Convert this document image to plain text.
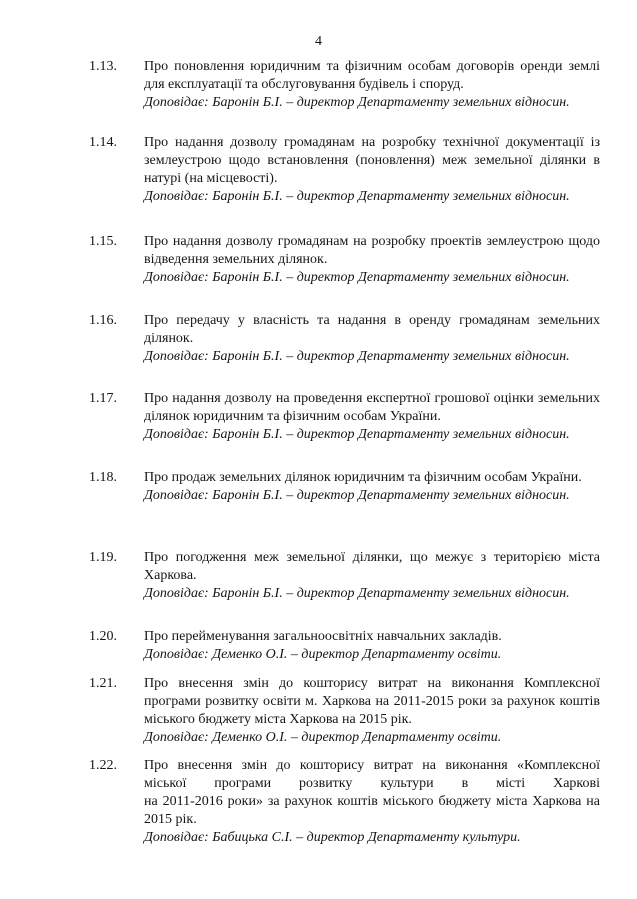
4
1.13. Про поновлення юридичним та фізичним особам договорів оренди землі для експлуатації та обслуговування будівель і споруд.
Доповідає: Баронін Б.І. – директор Департаменту земельних відносин.
1.14. Про надання дозволу громадянам на розробку технічної документації із землеустрою щодо встановлення (поновлення) меж земельної ділянки в натурі (на місцевості).
Доповідає: Баронін Б.І. – директор Департаменту земельних відносин.
1.15. Про надання дозволу громадянам на розробку проектів землеустрою щодо відведення земельних ділянок.
Доповідає: Баронін Б.І. – директор Департаменту земельних відносин.
1.16. Про передачу у власність та надання в оренду громадянам земельних ділянок.
Доповідає: Баронін Б.І. – директор Департаменту земельних відносин.
1.17. Про надання дозволу на проведення експертної грошової оцінки земельних ділянок юридичним та фізичним особам України.
Доповідає: Баронін Б.І. – директор Департаменту земельних відносин.
1.18. Про продаж земельних ділянок юридичним та фізичним особам України.
Доповідає: Баронін Б.І. – директор Департаменту земельних відносин.
1.19. Про погодження меж земельної ділянки, що межує з територією міста Харкова.
Доповідає: Баронін Б.І. – директор Департаменту земельних відносин.
1.20. Про перейменування загальноосвітніх навчальних закладів.
Доповідає: Деменко О.І. – директор Департаменту освіти.
1.21. Про внесення змін до кошторису витрат на виконання Комплексної програми розвитку освіти м. Харкова на 2011-2015 роки за рахунок коштів міського бюджету міста Харкова на 2015 рік.
Доповідає: Деменко О.І. – директор Департаменту освіти.
1.22. Про внесення змін до кошторису витрат на виконання «Комплексної
міської програми розвитку культури в місті Харкові
на 2011-2016 роки» за рахунок коштів міського бюджету міста Харкова на 2015 рік.
Доповідає: Бабицька С.І. – директор Департаменту культури.
